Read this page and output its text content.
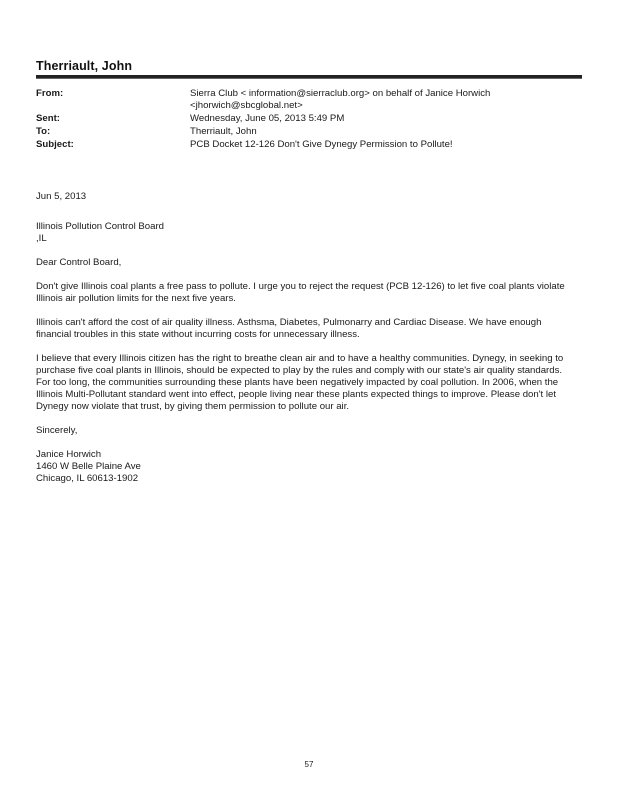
Therriault, John
From:	Sierra Club < information@sierraclub.org> on behalf of Janice Horwich
<jhorwich@sbcglobal.net>
Sent:	Wednesday, June 05, 2013 5:49 PM
To:	Therriault, John
Subject:	PCB Docket 12-126 Don't Give Dynegy Permission to Pollute!

Jun 5, 2013

Illinois Pollution Control Board

,IL

Dear Control Board,

Don't give Illinois coal plants a free pass to pollute. I urge you to reject the request (PCB 12-126) to let five coal plants violate Illinois air pollution limits for the next five years.

Illinois can't afford the cost of air quality illness. Asthsma, Diabetes, Pulmonarry and Cardiac Disease. We have enough financial troubles in this state without incurring costs for unnecessary illness.

I believe that every Illinois citizen has the right to breathe clean air and to have a healthy communities. Dynegy, in seeking to purchase five coal plants in Illinois, should be expected to play by the rules and comply with our state's air quality standards. For too long, the communities surrounding these plants have been negatively impacted by coal pollution. In 2006, when the Illinois Multi-Pollutant standard went into effect, people living near these plants expected things to improve. Please don't let Dynegy now violate that trust, by giving them permission to pollute our air.

Sincerely,

Janice Horwich
1460 W Belle Plaine Ave
Chicago, IL 60613-1902
57
